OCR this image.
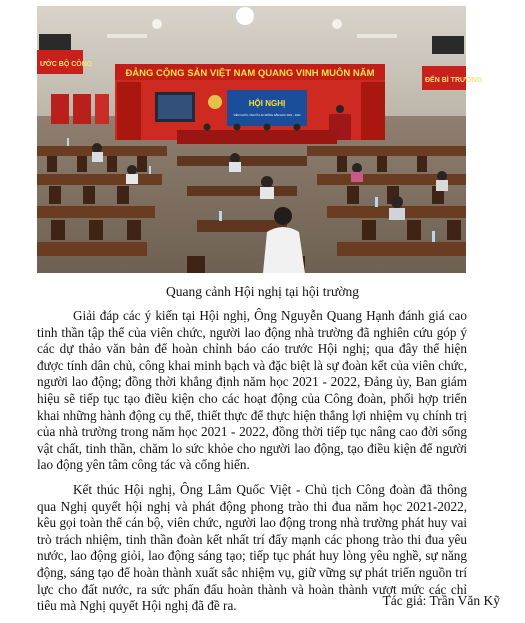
ƯỚC BỘ CÔNG
ĐẾN BÌ TRƯỜNG
ĐẢNG CỘNG SẢN VIỆT NAM QUANG VINH MUÔN NĂM
HỘI NGHỊ
VIÊN CHỨC, NGƯỜI LAO ĐỘNG NĂM HỌC 2021 - 2022
Quang cảnh Hội nghị tại hội trường

Giải đáp các ý kiến tại Hội nghị, Ông Nguyễn Quang Hạnh đánh giá cao tinh thần tập thể của viên chức, người lao động nhà trường đã nghiên cứu góp ý các dự thảo văn bản để hoàn chỉnh báo cáo trước Hội nghị; qua đây thể hiện được tính dân chủ, công khai minh bạch và đặc biệt là sự đoàn kết của viên chức, người lao động; đồng thời khẳng định năm học 2021 - 2022, Đảng ủy, Ban giám hiệu sẽ tiếp tục tạo điều kiện cho các hoạt động của Công đoàn, phối hợp triển khai những hành động cụ thể, thiết thực để thực hiện thắng lợi nhiệm vụ chính trị của nhà trường trong năm học 2021 - 2022, đồng thời tiếp tục nâng cao đời sống vật chất, tinh thần, chăm lo sức khỏe cho người lao động, tạo điều kiện để người lao động yên tâm công tác và cống hiến.

Kết thúc Hội nghị, Ông Lâm Quốc Việt - Chủ tịch Công đoàn đã thông qua Nghị quyết hội nghị và phát động phong trào thi đua năm học 2021-2022, kêu gọi toàn thể cán bộ, viên chức, người lao động trong nhà trường phát huy vai trò trách nhiệm, tinh thần đoàn kết nhất trí đẩy mạnh các phong trào thi đua yêu nước, lao động giỏi, lao động sáng tạo; tiếp tục phát huy lòng yêu nghề, sự năng động, sáng tạo để hoàn thành xuất sắc nhiệm vụ, giữ vững sự phát triển nguồn trí lực cho đất nước, ra sức phấn đấu hoàn thành và hoàn thành vượt mức các chỉ tiêu mà Nghị quyết Hội nghị đã đề ra.	Tác giả: Trần Văn Kỹ
